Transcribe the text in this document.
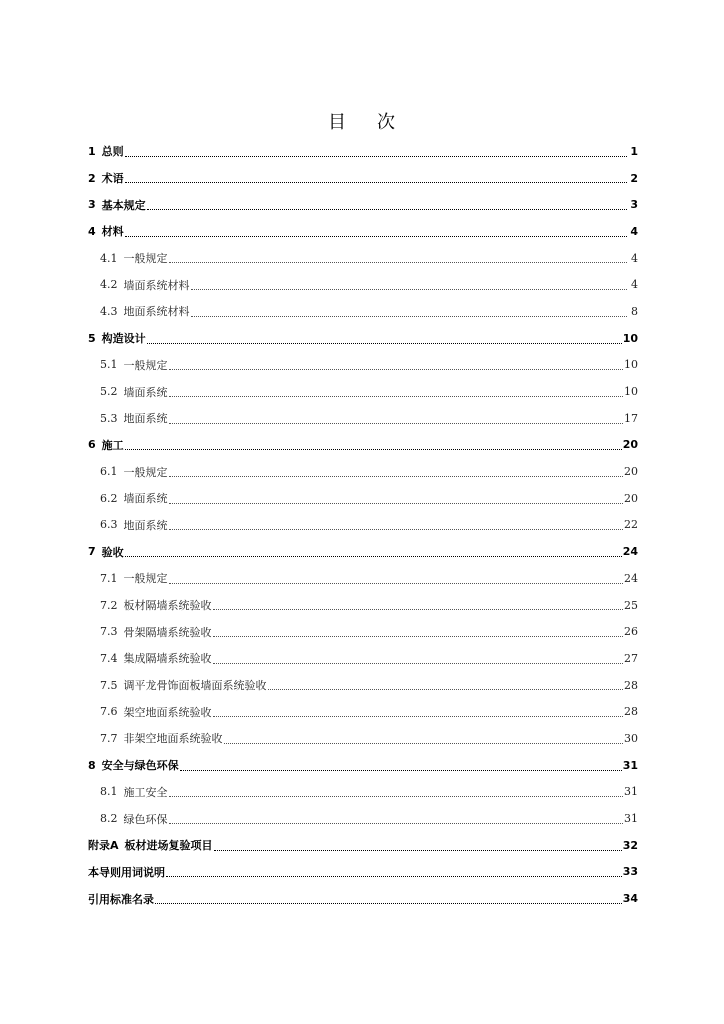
目 次
1 总则	1
2 术语	2
3 基本规定	3
4 材料	4
4.1 一般规定	4
4.2 墙面系统材料	4
4.3 地面系统材料	8
5 构造设计	10
5.1 一般规定	10
5.2 墙面系统	10
5.3 地面系统	17
6 施工	20
6.1 一般规定	20
6.2 墙面系统	20
6.3 地面系统	22
7 验收	24
7.1 一般规定	24
7.2 板材隔墙系统验收	25
7.3 骨架隔墙系统验收	26
7.4 集成隔墙系统验收	27
7.5 调平龙骨饰面板墙面系统验收	28
7.6 架空地面系统验收	28
7.7 非架空地面系统验收	30
8 安全与绿色环保	31
8.1 施工安全	31
8.2 绿色环保	31
附录A 板材进场复验项目	32
本导则用词说明	33
引用标准名录	34
